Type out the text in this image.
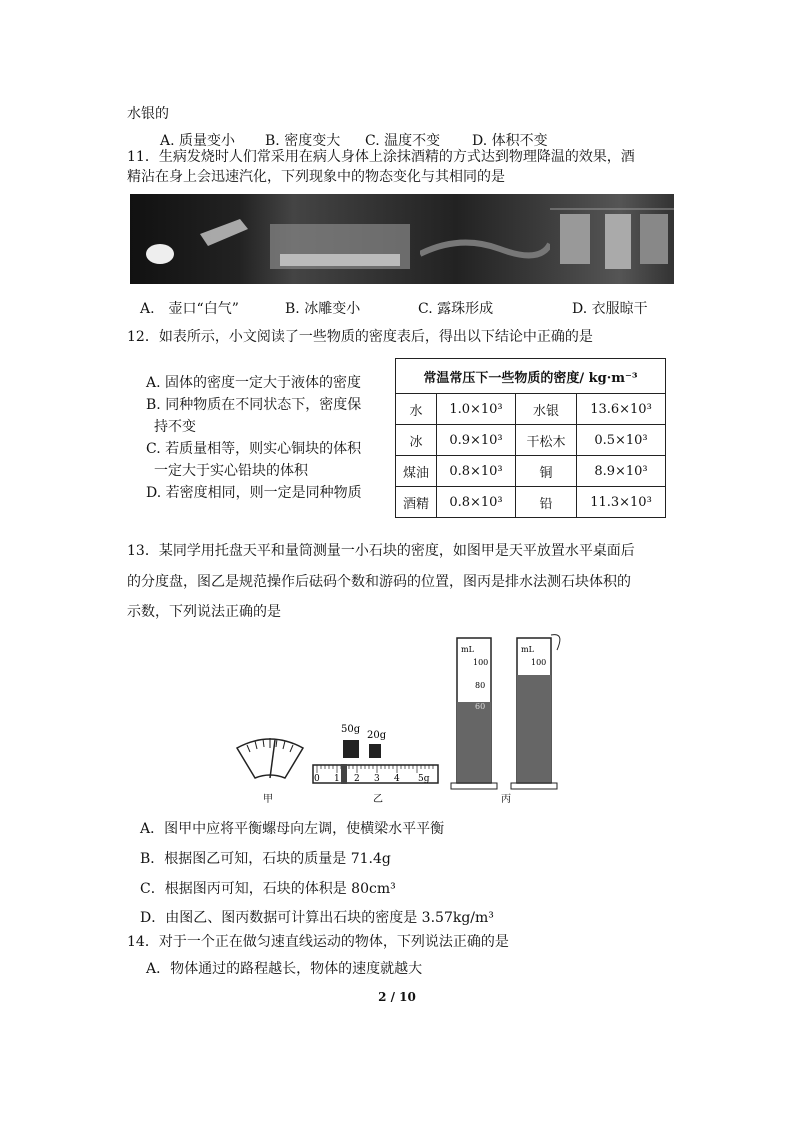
水银的
A. 质量变小 B. 密度变大 C. 温度不变 D. 体积不变
11．生病发烧时人们常采用在病人身体上涂抹酒精的方式达到物理降温的效果，酒
精沾在身上会迅速汽化，下列现象中的物态变化与其相同的是
A.　壶口“白气”	B. 冰雕变小	C. 露珠形成	D. 衣服晾干
12．如表所示，小文阅读了一些物质的密度表后，得出以下结论中正确的是
A. 固体的密度一定大于液体的密度
B. 同种物质在不同状态下，密度保
持不变
C. 若质量相等，则实心铜块的体积
一定大于实心铅块的体积
D. 若密度相同，则一定是同种物质
常温常压下一些物质的密度/ kg·m⁻³			
水	1.0×10³	水银	13.6×10³
冰	0.9×10³	干松木	0.5×10³
煤油	0.8×10³	铜	8.9×10³
酒精	0.8×10³	铅	11.3×10³
13．某同学用托盘天平和量筒测量一小石块的密度，如图甲是天平放置水平桌面后
的分度盘，图乙是规范操作后砝码个数和游码的位置，图丙是排水法测石块体积的
示数，下列说法正确的是
甲
50g
20g
0 1 2 3 4 5g
乙
mL
100
80
60
mL
100
丙
A．图甲中应将平衡螺母向左调，使横梁水平平衡
B．根据图乙可知，石块的质量是 71.4g
C．根据图丙可知，石块的体积是 80cm³
D．由图乙、图丙数据可计算出石块的密度是 3.57kg/m³
14．对于一个正在做匀速直线运动的物体，下列说法正确的是
A．物体通过的路程越长，物体的速度就越大
2 / 10
